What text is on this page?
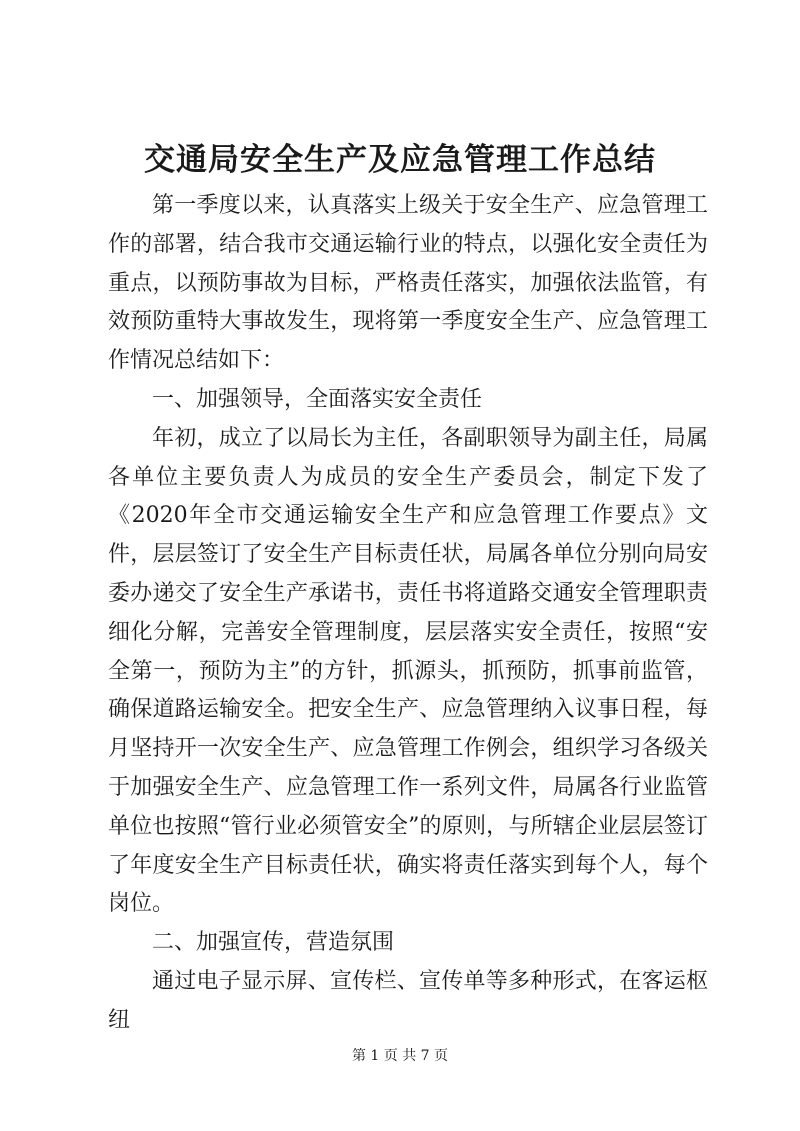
交通局安全生产及应急管理工作总结

第一季度以来，认真落实上级关于安全生产、应急管理工作的部署，结合我市交通运输行业的特点，以强化安全责任为重点，以预防事故为目标，严格责任落实，加强依法监管，有效预防重特大事故发生，现将第一季度安全生产、应急管理工作情况总结如下：

一、加强领导，全面落实安全责任

年初，成立了以局长为主任，各副职领导为副主任，局属各单位主要负责人为成员的安全生产委员会，制定下发了《2020年全市交通运输安全生产和应急管理工作要点》文件，层层签订了安全生产目标责任状，局属各单位分别向局安委办递交了安全生产承诺书，责任书将道路交通安全管理职责细化分解，完善安全管理制度，层层落实安全责任，按照“安全第一，预防为主”的方针，抓源头，抓预防，抓事前监管，确保道路运输安全。把安全生产、应急管理纳入议事日程，每月坚持开一次安全生产、应急管理工作例会，组织学习各级关于加强安全生产、应急管理工作一系列文件，局属各行业监管单位也按照“管行业必须管安全”的原则，与所辖企业层层签订了年度安全生产目标责任状，确实将责任落实到每个人，每个岗位。

二、加强宣传，营造氛围

通过电子显示屏、宣传栏、宣传单等多种形式，在客运枢纽

第 1 页 共 7 页
